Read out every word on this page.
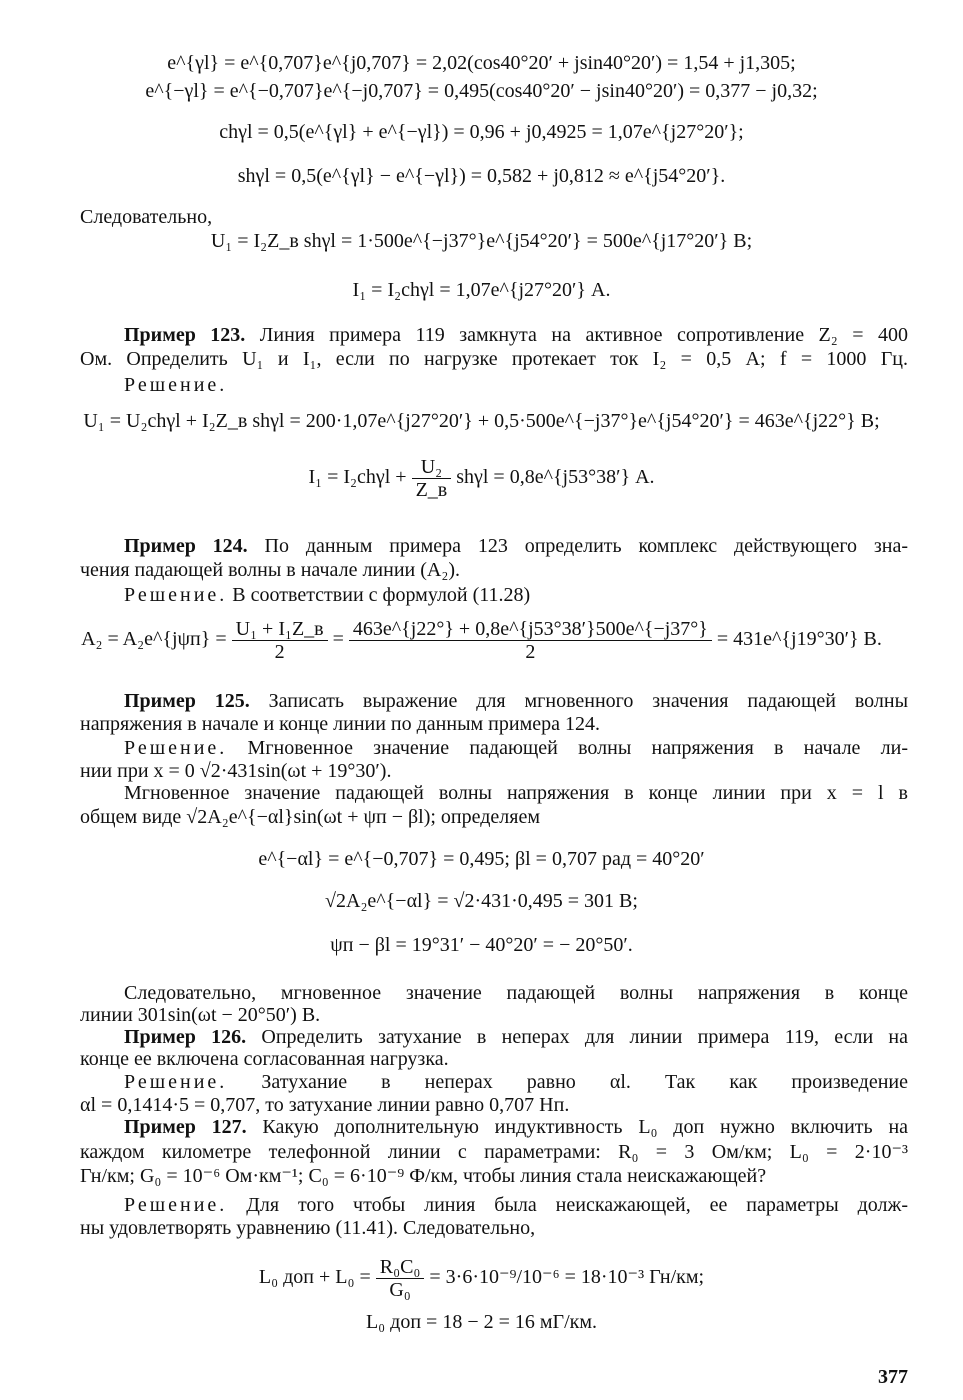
e^{γl} = e^{0,707}e^{j0,707} = 2,02(cos40°20′ + jsin40°20′) = 1,54 + j1,305;
e^{−γl} = e^{−0,707}e^{−j0,707} = 0,495(cos40°20′ − jsin40°20′) = 0,377 − j0,32;
chγl = 0,5(e^{γl} + e^{−γl}) = 0,96 + j0,4925 = 1,07e^{j27°20′};
shγl = 0,5(e^{γl} − e^{−γl}) = 0,582 + j0,812 ≈ e^{j54°20′}.
Следовательно,
U₁ = I₂Z_в shγl = 1·500e^{−j37°}e^{j54°20′} = 500e^{j17°20′} В;
I₁ = I₂chγl = 1,07e^{j27°20′} А.
Пример 123. Линия примера 119 замкнута на активное сопротивление Z₂ = 400
Ом. Определить U₁ и I₁, если по нагрузке протекает ток I₂ = 0,5 А; f = 1000 Гц.
Решение.
U₁ = U₂chγl + I₂Z_в shγl = 200·1,07e^{j27°20′} + 0,5·500e^{−j37°}e^{j54°20′} = 463e^{j22°} В;
$I_1 = I_2ch\gamma l + \frac{\text{U₂}}{Z\_в}$ shγl = 0,8e^{j53°38′} А.
Пример 124. По данным примера 123 определить комплекс действующего зна-
чения падающей волны в начале линии (A₂).
Решение. В соответствии с формулой (11.28)
A₂ = A₂e^{jψп} = $\frac{\text{U₁ + I₁Z\_в}}{2} = \frac{463e\^{}\{j22^\circ\} + 0,8e\^{}\{j53^\circ 38'\}500e\^{}\{-j37^\circ\}}{2}$ = 431e^{j19°30′} В.
Пример 125. Записать выражение для мгновенного значения падающей волны
напряжения в начале и конце линии по данным примера 124.
Решение. Мгновенное значение падающей волны напряжения в начале ли-
нии при x = 0 √2·431sin(ωt + 19°30′).
Мгновенное значение падающей волны напряжения в конце линии при x = l в
общем виде √2A₂e^{−αl}sin(ωt + ψп − βl); определяем
e^{−αl} = e^{−0,707} = 0,495; βl = 0,707 рад = 40°20′
√2A₂e^{−αl} = √2·431·0,495 = 301 В;
ψп − βl = 19°31′ − 40°20′ = − 20°50′.
Следовательно, мгновенное значение падающей волны напряжения в конце
линии 301sin(ωt − 20°50′) В.
Пример 126. Определить затухание в неперах для линии примера 119, если на
конце ее включена согласованная нагрузка.
Решение. Затухание в неперах равно αl. Так как произведение
αl = 0,1414·5 = 0,707, то затухание линии равно 0,707 Нп.
Пример 127. Какую дополнительную индуктивность L₀ доп нужно включить на
каждом километре телефонной линии с параметрами: R₀ = 3 Ом/км; L₀ = 2·10⁻³
Гн/км; G₀ = 10⁻⁶ Ом·км⁻¹; C₀ = 6·10⁻⁹ Ф/км, чтобы линия стала неискажающей?
Решение. Для того чтобы линия была неискажающей, ее параметры долж-
ны удовлетворять уравнению (11.41). Следовательно,
L₀ доп + $L_0 = \frac{\text{R₀C₀}}{\text{G₀}} = 3\cdot 6\cdot 10^{-9}/10^{-6} = 18\cdot 10^{-3}$ Гн/км;
L₀ доп = 18 − 2 = 16 мГ/км.
377
